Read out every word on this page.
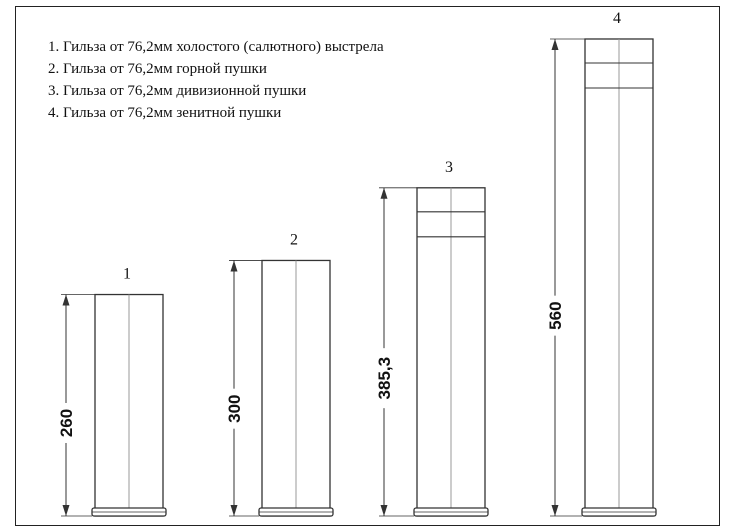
1. Гильза от 76,2мм холостого (салютного) выстрела
2. Гильза от 76,2мм горной пушки
3. Гильза от 76,2мм дивизионной пушки
4. Гильза от 76,2мм зенитной пушки
260
1
300
2
385,3
3
560
4
